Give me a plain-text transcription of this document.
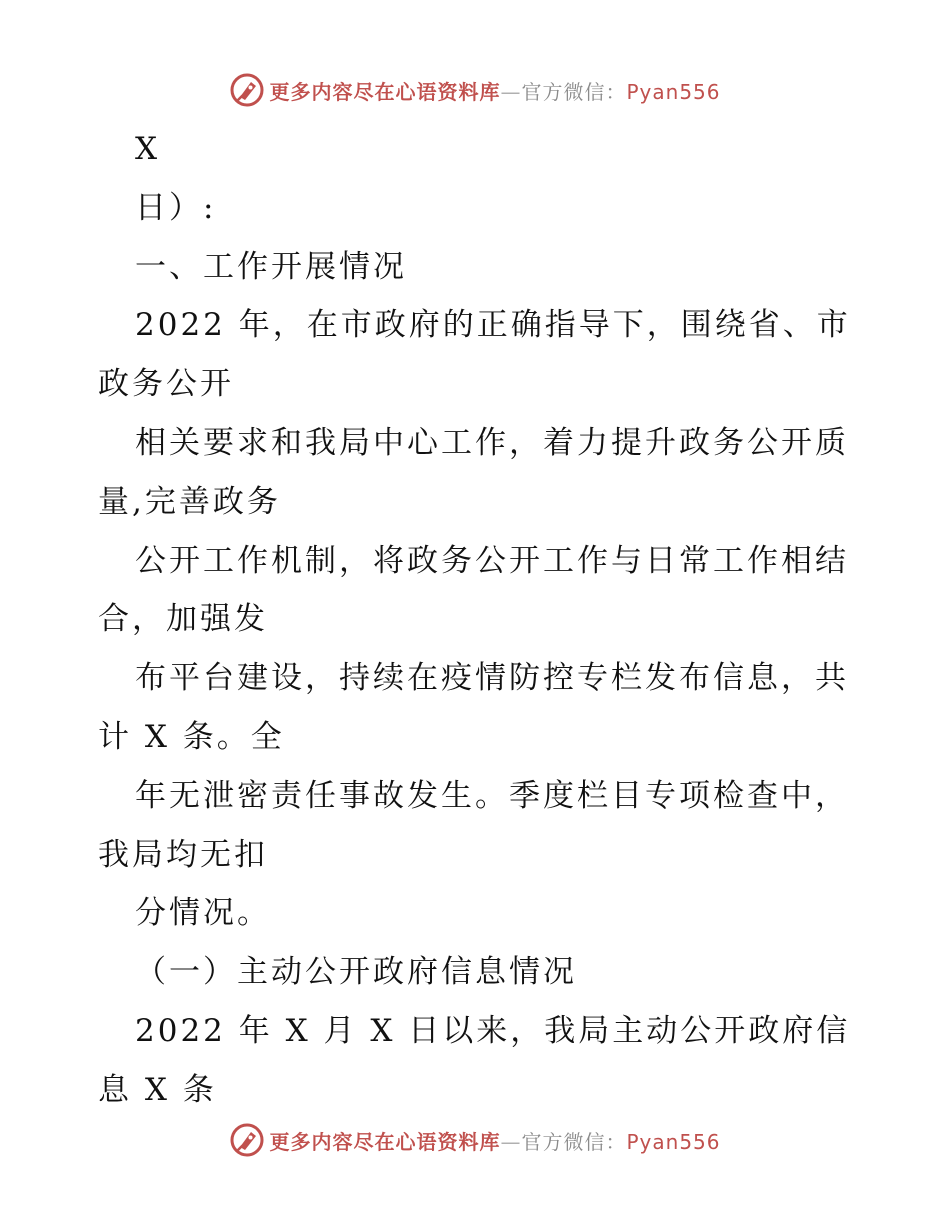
更多内容尽在心语资料库—官方微信：Pyan556
X
日）:
一、工作开展情况
2022 年，在市政府的正确指导下，围绕省、市
政务公开
相关要求和我局中心工作，着力提升政务公开质
量,完善政务
公开工作机制，将政务公开工作与日常工作相结
合，加强发
布平台建设，持续在疫情防控专栏发布信息，共
计 X 条。全
年无泄密责任事故发生。季度栏目专项检查中，
我局均无扣
分情况。
（一）主动公开政府信息情况
2022 年 X 月 X 日以来，我局主动公开政府信
息 X 条
更多内容尽在心语资料库—官方微信：Pyan556
